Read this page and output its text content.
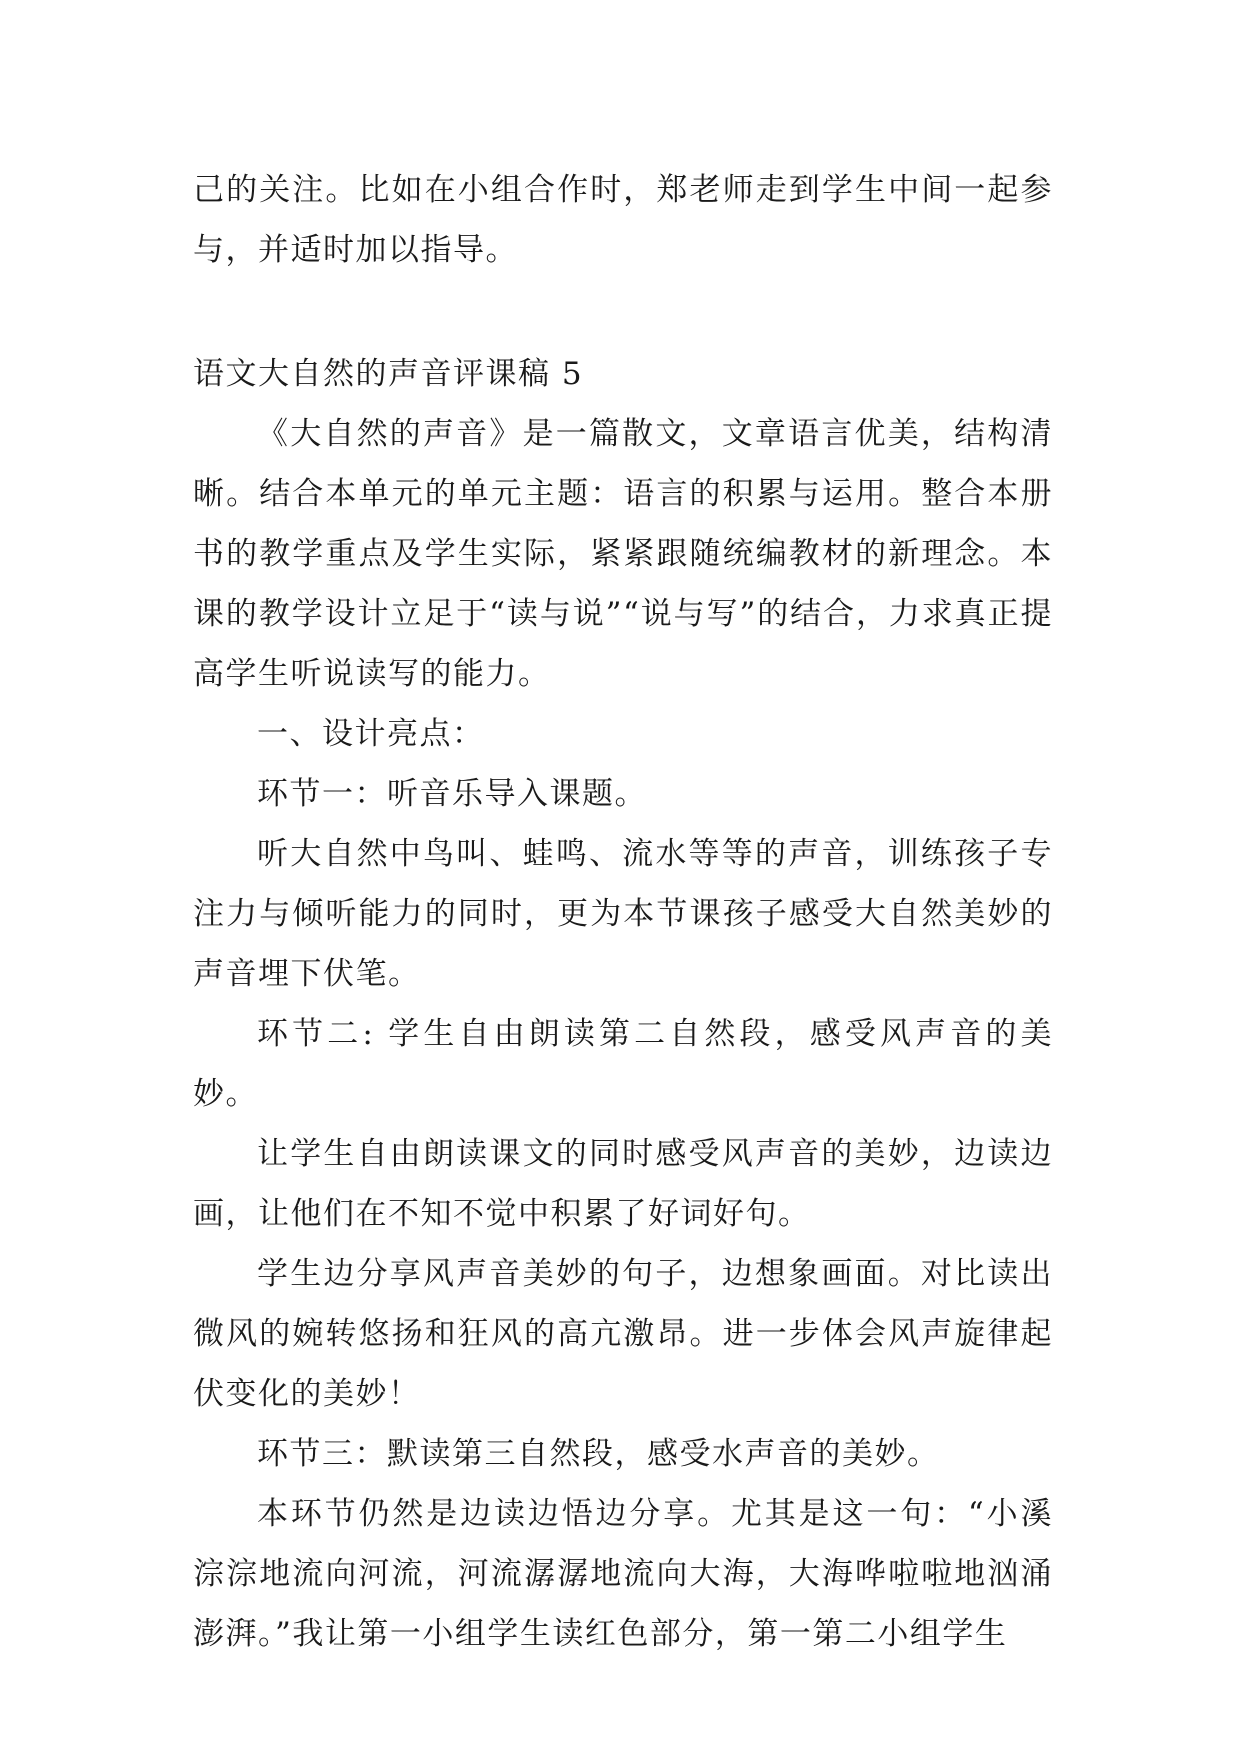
己的关注。比如在小组合作时，郑老师走到学生中间一起参与，并适时加以指导。

语文大自然的声音评课稿 5

《大自然的声音》是一篇散文，文章语言优美，结构清晰。结合本单元的单元主题：语言的积累与运用。整合本册书的教学重点及学生实际，紧紧跟随统编教材的新理念。本课的教学设计立足于“读与说”“说与写”的结合，力求真正提高学生听说读写的能力。

一、设计亮点：

环节一：听音乐导入课题。

听大自然中鸟叫、蛙鸣、流水等等的声音，训练孩子专注力与倾听能力的同时，更为本节课孩子感受大自然美妙的声音埋下伏笔。

环节二: 学生自由朗读第二自然段，感受风声音的美妙。

让学生自由朗读课文的同时感受风声音的美妙，边读边画，让他们在不知不觉中积累了好词好句。

学生边分享风声音美妙的句子，边想象画面。对比读出微风的婉转悠扬和狂风的高亢激昂。进一步体会风声旋律起伏变化的美妙！

环节三：默读第三自然段，感受水声音的美妙。

本环节仍然是边读边悟边分享。尤其是这一句：“小溪淙淙地流向河流，河流潺潺地流向大海，大海哗啦啦地汹涌澎湃。”我让第一小组学生读红色部分，第一第二小组学生
